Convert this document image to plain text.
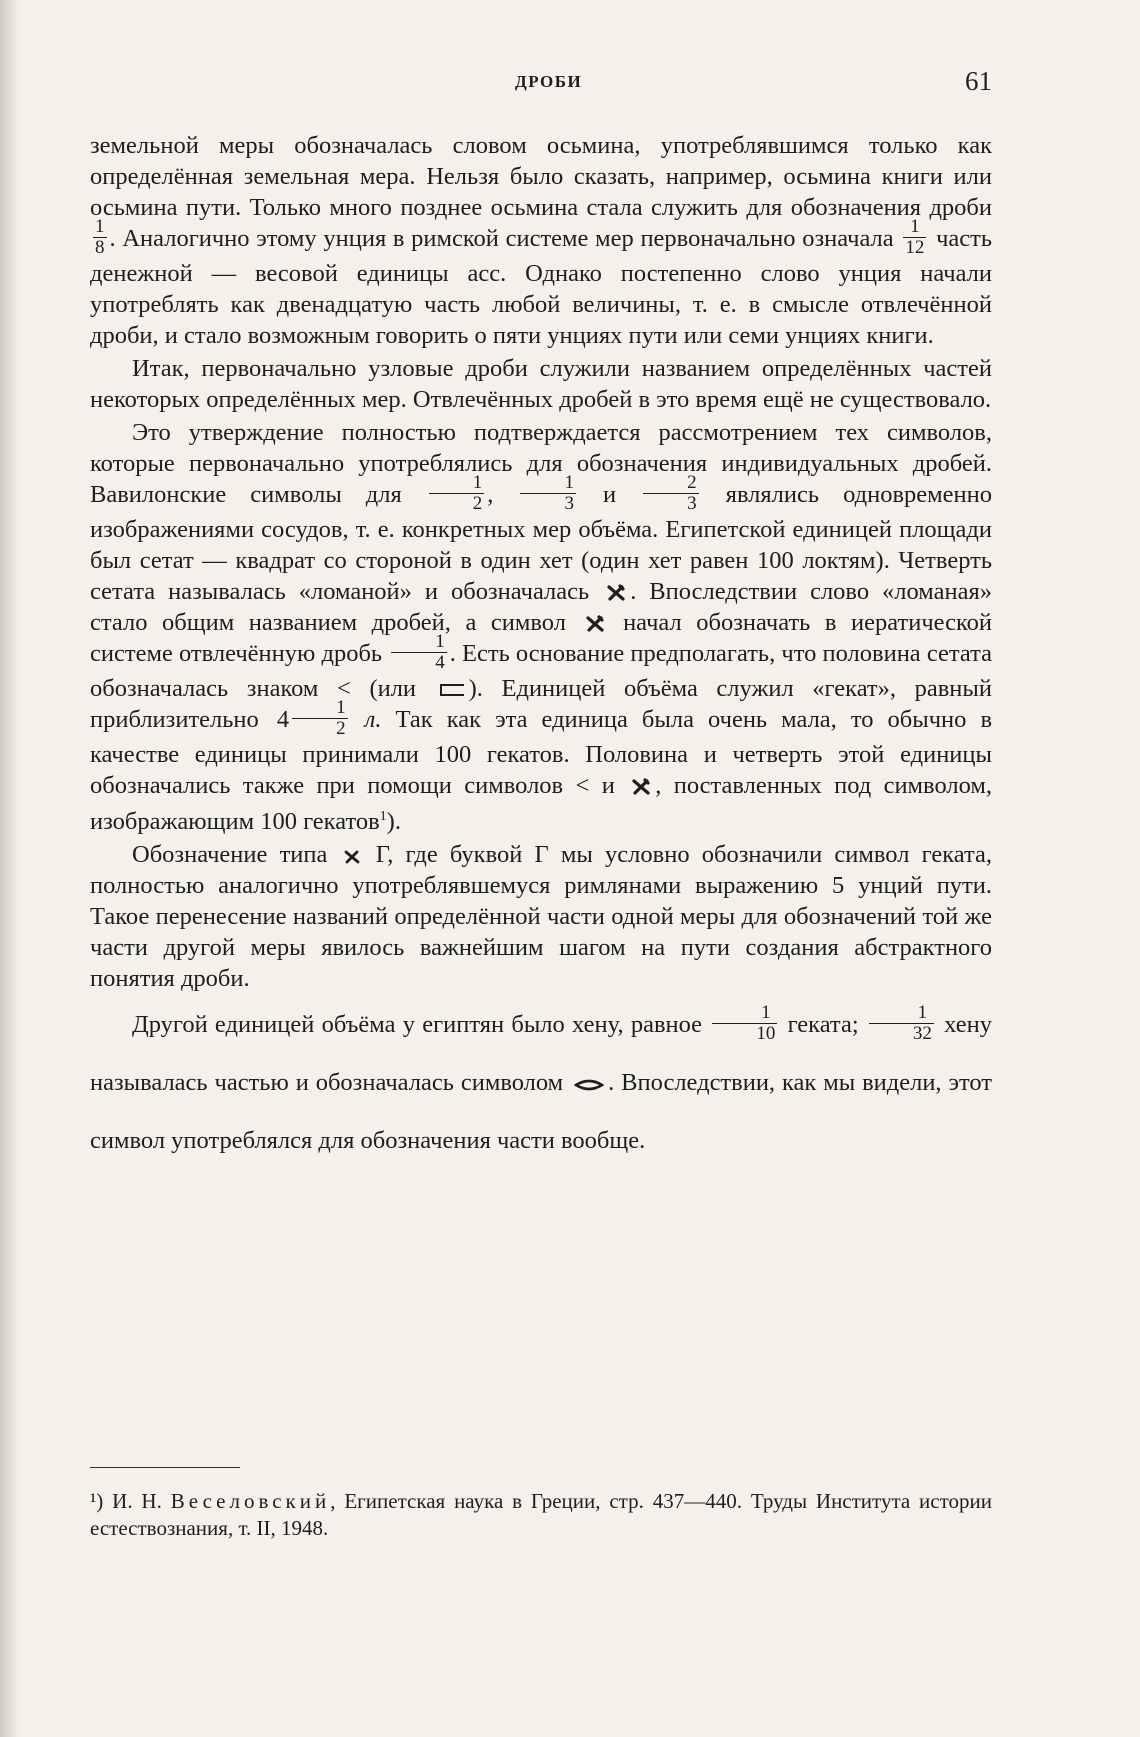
ДРОБИ	61

земельной меры обозначалась словом осьмина, употреблявшимся только как определённая земельная мера. Нельзя было сказать, например, осьмина книги или осьмина пути. Только много позднее осьмина стала служить для обозначения дроби
$\frac{1}{8}$ . Аналогично этому унция в римской системе мер первоначально означала $\frac{1}{12}$ часть денежной — весовой единицы асс. Однако постепенно слово унция начали употреблять как двенадцатую часть любой величины, т. е. в смысле отвлечённой дроби, и стало возможным говорить о пяти унциях пути или семи унциях книги.

Итак, первоначально узловые дроби служили названием определённых частей некоторых определённых мер. Отвлечённых дробей в это время ещё не существовало.

Это утверждение полностью подтверждается рассмотрением тех символов, которые первоначально употреблялись для обозначения индивидуальных дробей. Вавилонские символы для $\frac{1}{2}$ , $\frac{1}{3}$ и $\frac{2}{3}$ являлись одновременно изображениями сосудов, т. е. конкретных мер объёма. Египетской единицей площади был сетат — квадрат со стороной в один хет (один хет равен 100 локтям). Четверть сетата называлась «ломаной» и обозначалась . Впоследствии слово «ломаная» стало общим названием дробей, а символ начал обозначать в иератической системе отвлечённую дробь $\frac{1}{4}$ . Есть основание предполагать, что половина сетата обозначалась знаком < (или ). Единицей объёма служил «гекат», равный приблизительно $4 \frac{1}{2} л$. Так как эта единица была очень мала, то обычно в качестве единицы принимали 100 гекатов. Половина и четверть этой единицы обозначались также при помощи символов < и , поставленных под символом, изображающим 100 гекатов$^1$).

Обозначение типа Г, где буквой Г мы условно обозначили символ геката, полностью аналогично употреблявшемуся римлянами выражению 5 унций пути. Такое перенесение названий определённой части одной меры для обозначений той же части другой меры явилось важнейшим шагом на пути создания абстрактного понятия дроби.

Другой единицей объёма у египтян было хену, равное $\frac{1}{10}$ геката; $\frac{1}{32}$ хену называлась частью и обозначалась символом . Впоследствии, как мы видели, этот символ употреблялся для обозначения части вообще.

¹) И. Н. Веселовский, Египетская наука в Греции, стр. 437—440. Труды Института истории естествознания, т. II, 1948.
